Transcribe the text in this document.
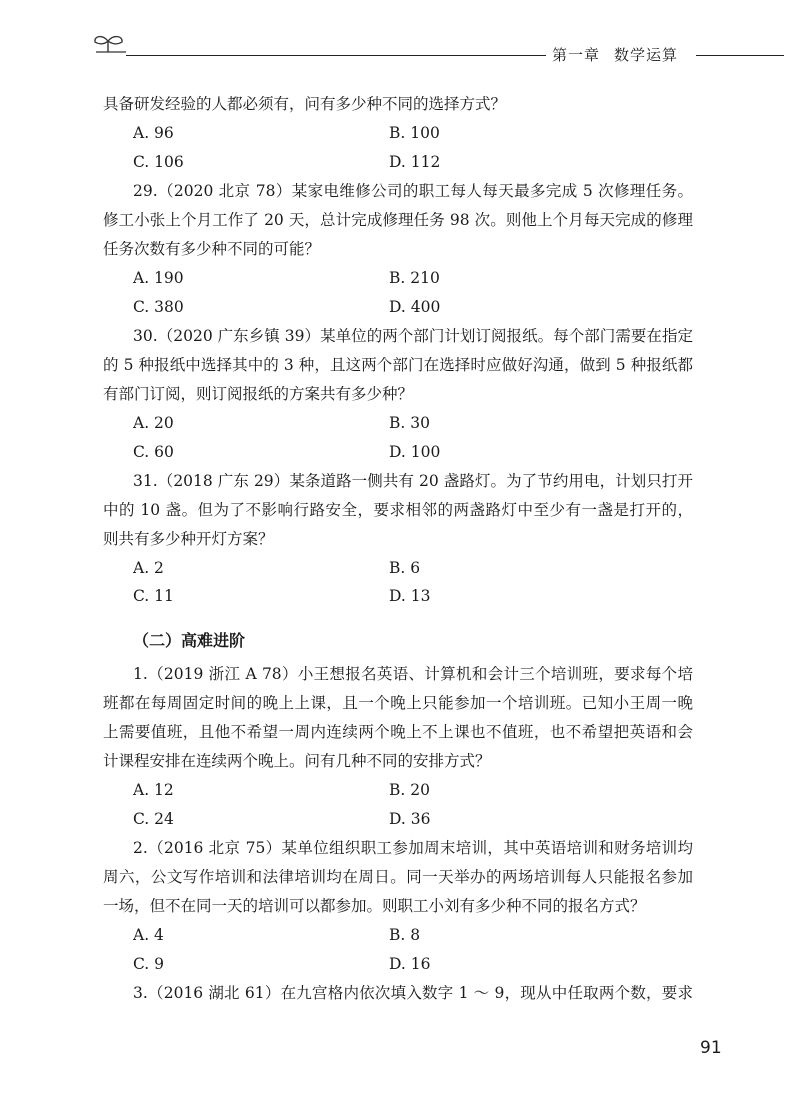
第一章 数学运算
具备研发经验的人都必须有，问有多少种不同的选择方式？
A. 96	B. 100
C. 106	D. 112
29.（2020 北京 78）某家电维修公司的职工每人每天最多完成 5 次修理任务。
修工小张上个月工作了 20 天，总计完成修理任务 98 次。则他上个月每天完成的修理
任务次数有多少种不同的可能？
A. 190	B. 210
C. 380	D. 400
30.（2020 广东乡镇 39）某单位的两个部门计划订阅报纸。每个部门需要在指定
的 5 种报纸中选择其中的 3 种，且这两个部门在选择时应做好沟通，做到 5 种报纸都
有部门订阅，则订阅报纸的方案共有多少种？
A. 20	B. 30
C. 60	D. 100
31.（2018 广东 29）某条道路一侧共有 20 盏路灯。为了节约用电，计划只打开
中的 10 盏。但为了不影响行路安全，要求相邻的两盏路灯中至少有一盏是打开的，
则共有多少种开灯方案？
A. 2	B. 6
C. 11	D. 13
（二）高难进阶
1.（2019 浙江 A 78）小王想报名英语、计算机和会计三个培训班，要求每个培
班都在每周固定时间的晚上上课，且一个晚上只能参加一个培训班。已知小王周一晚
上需要值班，且他不希望一周内连续两个晚上不上课也不值班，也不希望把英语和会
计课程安排在连续两个晚上。问有几种不同的安排方式？
A. 12	B. 20
C. 24	D. 36
2.（2016 北京 75）某单位组织职工参加周末培训，其中英语培训和财务培训均
周六，公文写作培训和法律培训均在周日。同一天举办的两场培训每人只能报名参加
一场，但不在同一天的培训可以都参加。则职工小刘有多少种不同的报名方式？
A. 4	B. 8
C. 9	D. 16
3.（2016 湖北 61）在九宫格内依次填入数字 1 ～ 9，现从中任取两个数，要求
91
